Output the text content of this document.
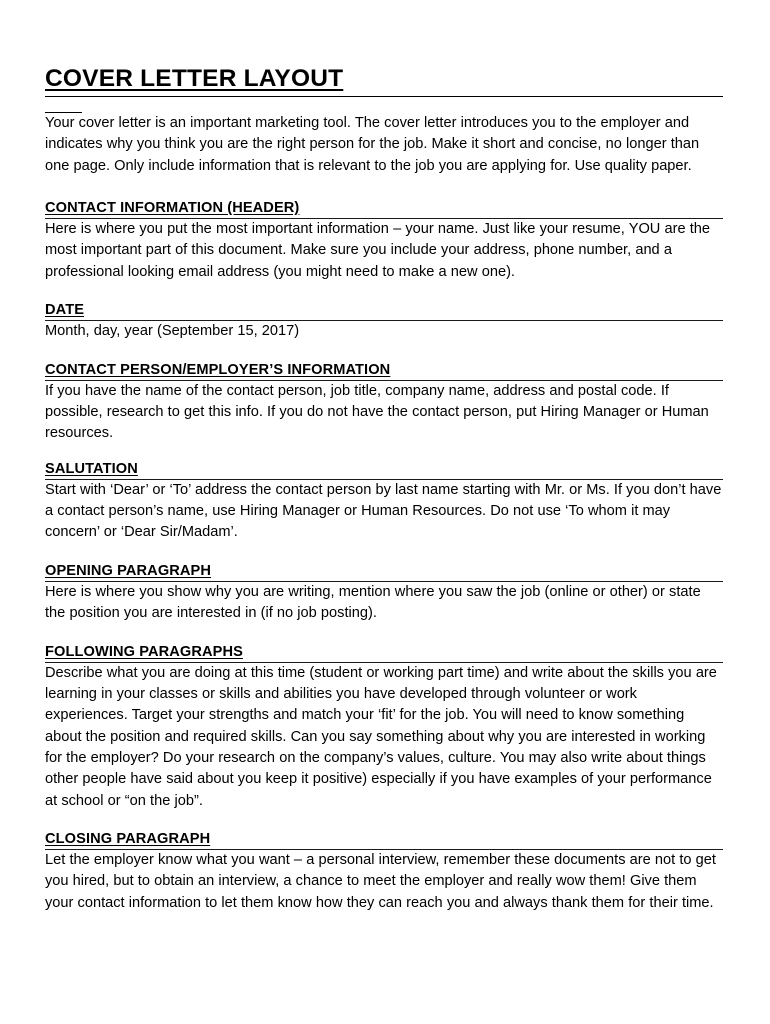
COVER LETTER LAYOUT

Your cover letter is an important marketing tool. The cover letter introduces you to the employer and indicates why you think you are the right person for the job. Make it short and concise, no longer than one page. Only include information that is relevant to the job you are applying for. Use quality paper.

CONTACT INFORMATION (HEADER)

Here is where you put the most important information – your name. Just like your resume, YOU are the most important part of this document. Make sure you include your address, phone number, and a professional looking email address (you might need to make a new one).

DATE

Month, day, year (September 15, 2017)

CONTACT PERSON/EMPLOYER’S INFORMATION

If you have the name of the contact person, job title, company name, address and postal code. If possible, research to get this info. If you do not have the contact person, put Hiring Manager or Human resources.

SALUTATION

Start with ‘Dear’ or ‘To’ address the contact person by last name starting with Mr. or Ms. If you don’t have a contact person’s name, use Hiring Manager or Human Resources. Do not use ‘To whom it may concern’ or ‘Dear Sir/Madam’.

OPENING PARAGRAPH

Here is where you show why you are writing, mention where you saw the job (online or other) or state the position you are interested in (if no job posting).

FOLLOWING PARAGRAPHS

Describe what you are doing at this time (student or working part time) and write about the skills you are learning in your classes or skills and abilities you have developed through volunteer or work experiences. Target your strengths and match your ‘fit’ for the job. You will need to know something about the position and required skills. Can you say something about why you are interested in working for the employer? Do your research on the company’s values, culture. You may also write about things other people have said about you keep it positive) especially if you have examples of your performance at school or “on the job”.

CLOSING PARAGRAPH

Let the employer know what you want – a personal interview, remember these documents are not to get you hired, but to obtain an interview, a chance to meet the employer and really wow them! Give them your contact information to let them know how they can reach you and always thank them for their time.
